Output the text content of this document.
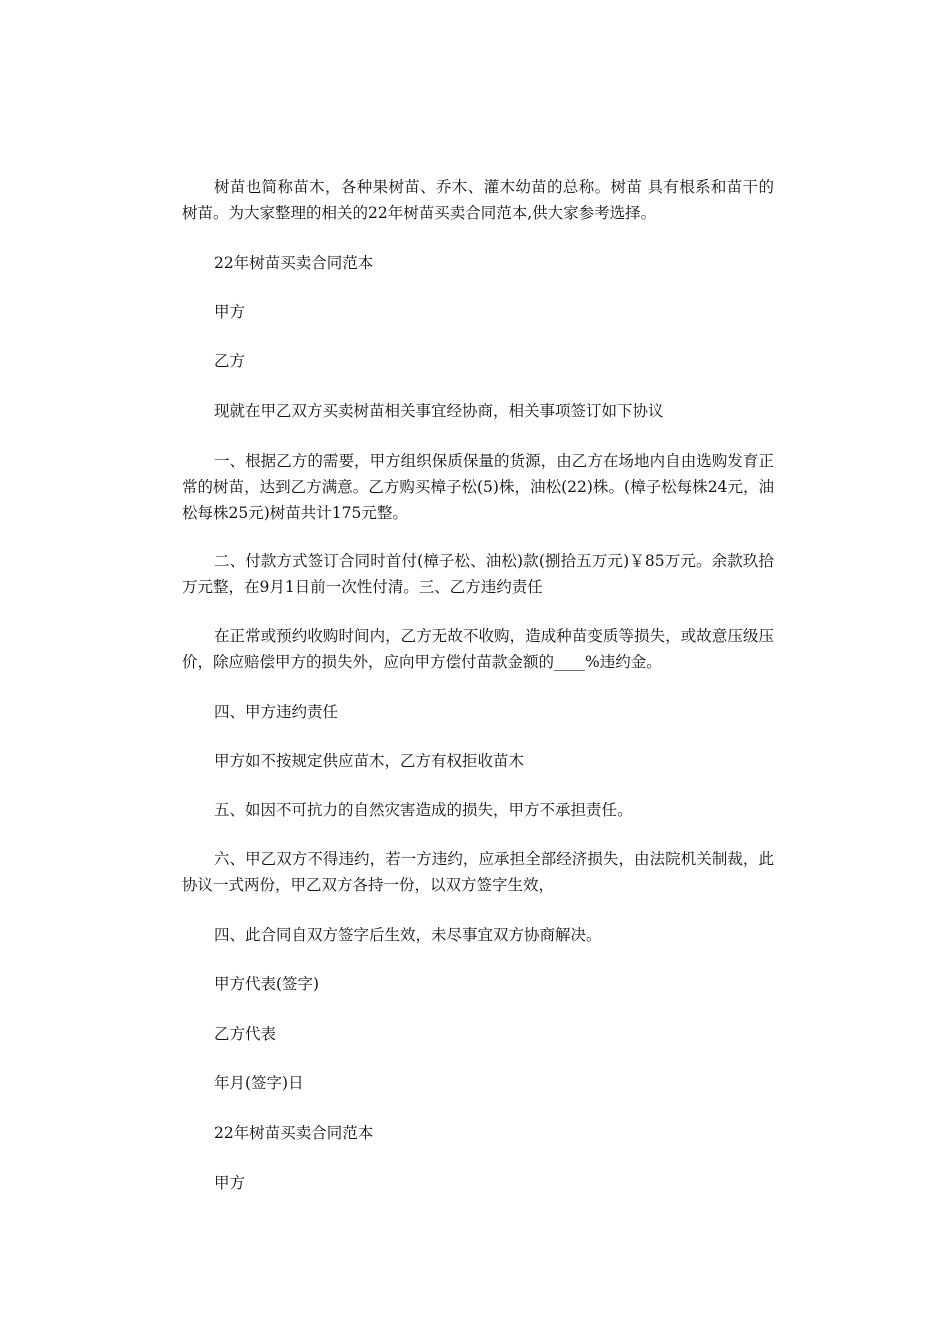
树苗也简称苗木，各种果树苗、乔木、灌木幼苗的总称。树苗 具有根系和苗干的树苗。为大家整理的相关的22年树苗买卖合同范本,供大家参考选择。

22年树苗买卖合同范本

甲方

乙方

现就在甲乙双方买卖树苗相关事宜经协商，相关事项签订如下协议

一、根据乙方的需要，甲方组织保质保量的货源，由乙方在场地内自由选购发育正常的树苗，达到乙方满意。乙方购买樟子松(5)株，油松(22)株。(樟子松每株24元，油松每株25元)树苗共计175元整。

二、付款方式签订合同时首付(樟子松、油松)款(捌拾五万元)￥85万元。余款玖拾万元整，在9月1日前一次性付清。三、乙方违约责任

在正常或预约收购时间内，乙方无故不收购，造成种苗变质等损失，或故意压级压价，除应赔偿甲方的损失外，应向甲方偿付苗款金额的____%违约金。

四、甲方违约责任

甲方如不按规定供应苗木，乙方有权拒收苗木

五、如因不可抗力的自然灾害造成的损失，甲方不承担责任。

六、甲乙双方不得违约，若一方违约，应承担全部经济损失，由法院机关制裁，此协议一式两份，甲乙双方各持一份，以双方签字生效，

四、此合同自双方签字后生效，未尽事宜双方协商解决。

甲方代表(签字)

乙方代表

年月(签字)日

22年树苗买卖合同范本

甲方
